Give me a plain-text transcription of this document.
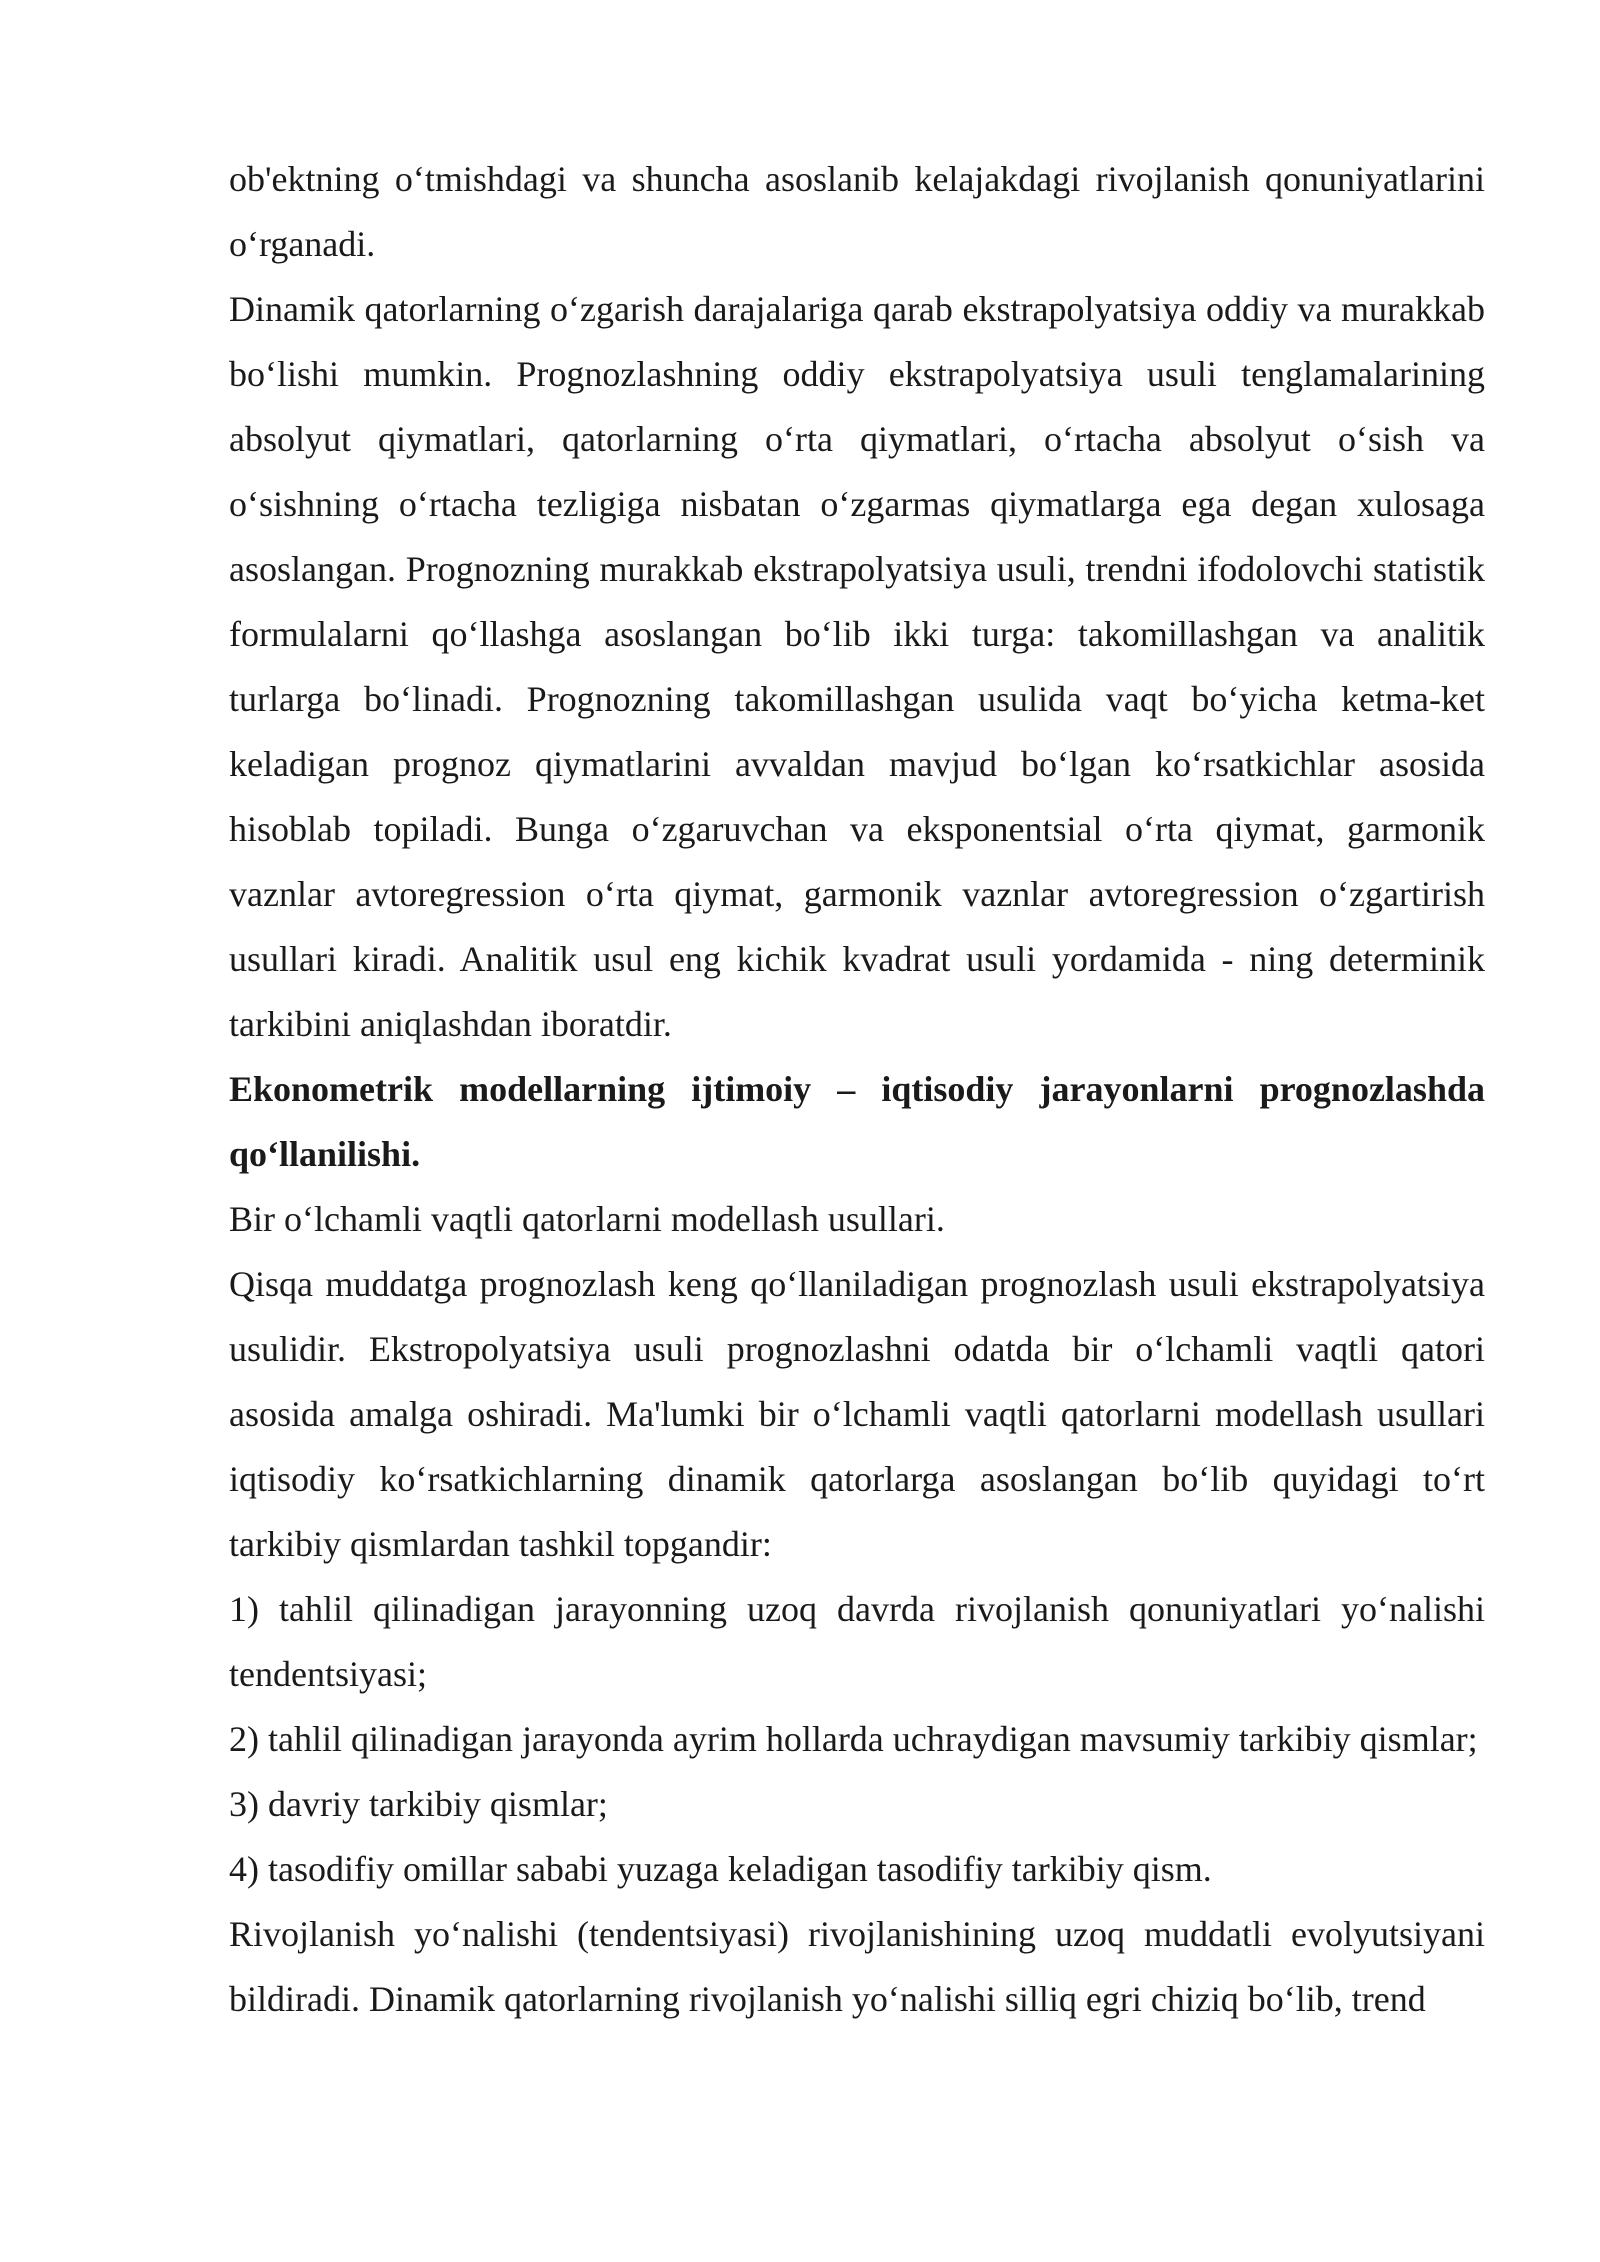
ob'ektning o‘tmishdagi va shuncha asoslanib kelajakdagi rivojlanish qonuniyatlarini o‘rganadi.

Dinamik qatorlarning o‘zgarish darajalariga qarab ekstrapolyatsiya oddiy va murakkab bo‘lishi mumkin. Prognozlashning oddiy ekstrapolyatsiya usuli tenglamalarining absolyut qiymatlari, qatorlarning o‘rta qiymatlari, o‘rtacha absolyut o‘sish va o‘sishning o‘rtacha tezligiga nisbatan o‘zgarmas qiymatlarga ega degan xulosaga asoslangan. Prognozning murakkab ekstrapolyatsiya usuli, trendni ifodolovchi statistik formulalarni qo‘llashga asoslangan bo‘lib ikki turga: takomillashgan va analitik turlarga bo‘linadi. Prognozning takomillashgan usulida vaqt bo‘yicha ketma-ket keladigan prognoz qiymatlarini avvaldan mavjud bo‘lgan ko‘rsatkichlar asosida hisoblab topiladi. Bunga o‘zgaruvchan va eksponentsial o‘rta qiymat, garmonik vaznlar avtoregression o‘rta qiymat, garmonik vaznlar avtoregression o‘zgartirish usullari kiradi. Analitik usul eng kichik kvadrat usuli yordamida - ning determinik tarkibini aniqlashdan iboratdir.

Ekonometrik modellarning ijtimoiy – iqtisodiy jarayonlarni prognozlashda qo‘llanilishi.

Bir o‘lchamli vaqtli qatorlarni modellash usullari.

Qisqa muddatga prognozlash keng qo‘llaniladigan prognozlash usuli ekstrapolyatsiya usulidir. Ekstropolyatsiya usuli prognozlashni odatda bir o‘lchamli vaqtli qatori asosida amalga oshiradi. Ma'lumki bir o‘lchamli vaqtli qatorlarni modellash usullari iqtisodiy ko‘rsatkichlarning dinamik qatorlarga asoslangan bo‘lib quyidagi to‘rt tarkibiy qismlardan tashkil topgandir:

1) tahlil qilinadigan jarayonning uzoq davrda rivojlanish qonuniyatlari yo‘nalishi tendentsiyasi;

2) tahlil qilinadigan jarayonda ayrim hollarda uchraydigan mavsumiy tarkibiy qismlar;

3) davriy tarkibiy qismlar;

4) tasodifiy omillar sababi yuzaga keladigan tasodifiy tarkibiy qism.

Rivojlanish yo‘nalishi (tendentsiyasi) rivojlanishining uzoq muddatli evolyutsiyani bildiradi. Dinamik qatorlarning rivojlanish yo‘nalishi silliq egri chiziq bo‘lib, trend
